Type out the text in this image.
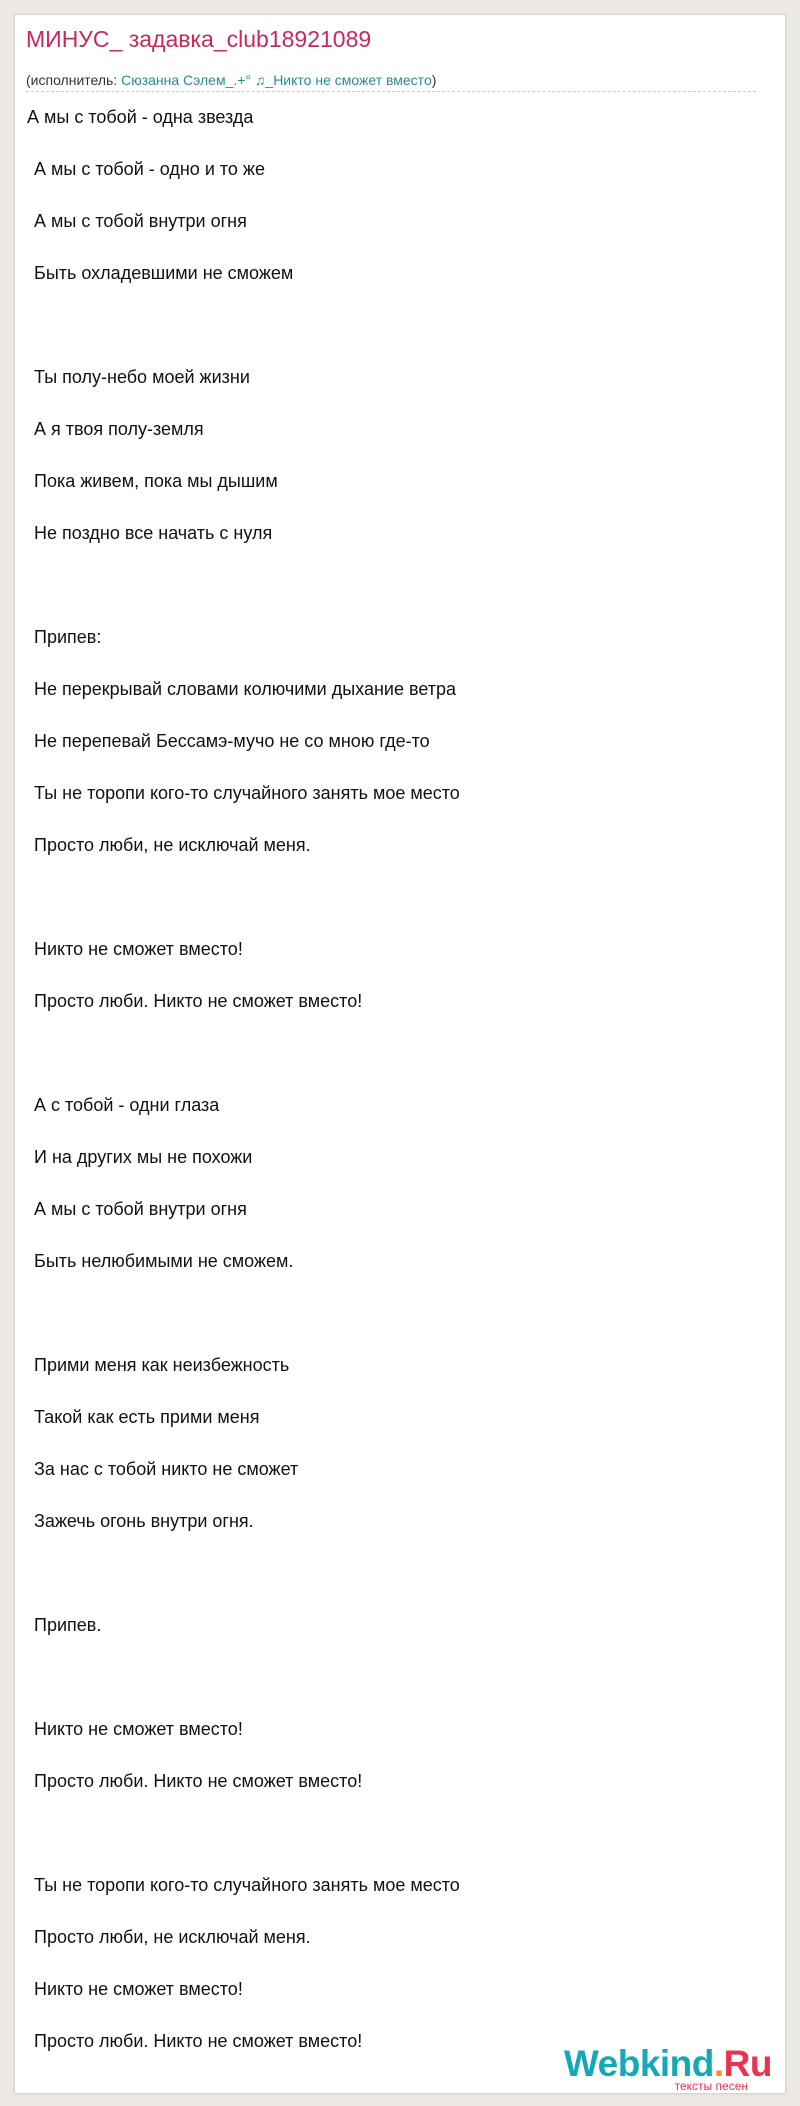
МИНУС_ задавка_club18921089
(исполнитель: Сюзанна Сэлем_.+° ♫_Никто не сможет вместо)
А мы с тобой - одна звезда
А мы с тобой - одно и то же
А мы с тобой внутри огня
Быть охладевшими не сможем
Ты полу-небо моей жизни
А я твоя полу-земля
Пока живем, пока мы дышим
Не поздно все начать с нуля
Припев:
Не перекрывай словами колючими дыхание ветра
Не перепевай Бессамэ-мучо не со мною где-то
Ты не торопи кого-то случайного занять мое место
Просто люби, не исключай меня.
Никто не сможет вместо!
Просто люби. Никто не сможет вместо!
А с тобой - одни глаза
И на других мы не похожи
А мы с тобой внутри огня
Быть нелюбимыми не сможем.
Прими меня как неизбежность
Такой как есть прими меня
За нас с тобой никто не сможет
Зажечь огонь внутри огня.
Припев.
Никто не сможет вместо!
Просто люби. Никто не сможет вместо!
Ты не торопи кого-то случайного занять мое место
Просто люби, не исключай меня.
Никто не сможет вместо!
Просто люби. Никто не сможет вместо!
Webkind.Ru
тексты песен
